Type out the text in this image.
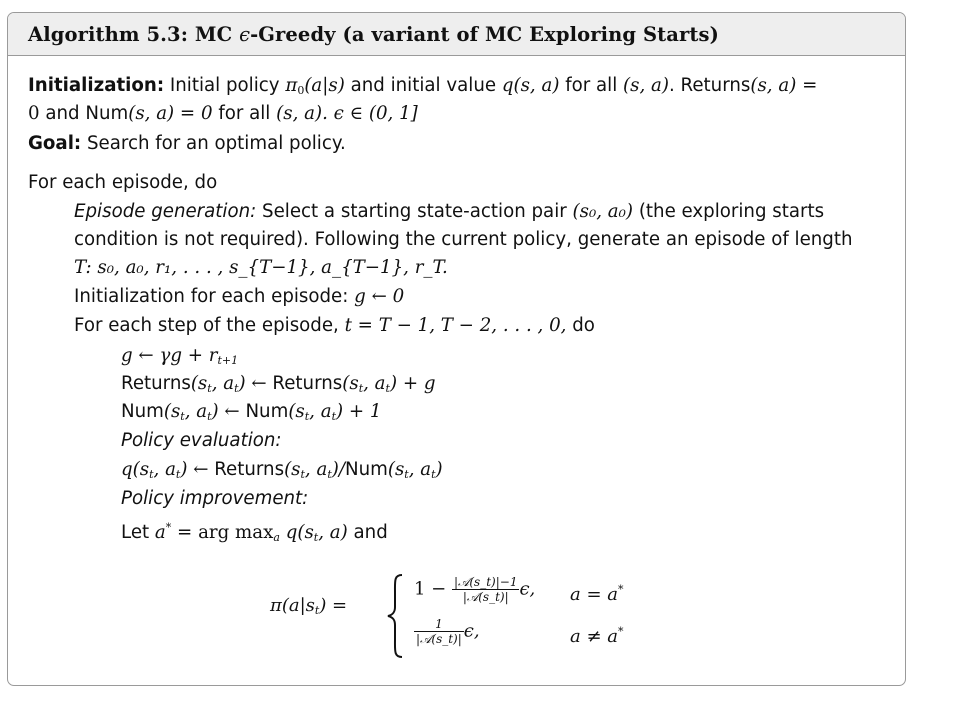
Algorithm 5.3: MC ϵ -Greedy (a variant of MC Exploring Starts)
Initialization: Initial policy $\pi_0(a|s)$ and initial value q(s, a) for all (s, a). Returns(s, a) =
0 and Num(s, a) = 0 for all (s, a). ϵ ∈ (0, 1]
Goal: Search for an optimal policy.
For each episode, do
Episode generation: Select a starting state-action pair (s₀, a₀) (the exploring starts
condition is not required). Following the current policy, generate an episode of length
T: s₀, a₀, r₁, . . . , s_{T−1}, a_{T−1}, r_T.
Initialization for each episode: g ← 0
For each step of the episode, t = T − 1, T − 2, . . . , 0, do
g ← $\gamma g + r_{t+1}$
$Returns(s_t$, $a_t$) ← $Returns(s_t$, $a_t) + g$
$Num(s_t$, $a_t$) ← $Num(s_t$, $a_t) + 1$
Policy evaluation:
$q(s_t$, $a_t$) ← $Returns(s_t$, $a_t)/Num(s_t$, $a_t$)
Policy improvement:
Let a* = arg $\max_a q(s_t$, a) and
$\pi(a|s_t)$ =
$1 - \frac{\text{|𝒜(s\_t)|−1}}{\text{|𝒜(s\_t)|}} \epsilon$, a = a*
$\frac{1}{\text{|𝒜(s\_t)|}} \epsilon$,	a ≠ a*
